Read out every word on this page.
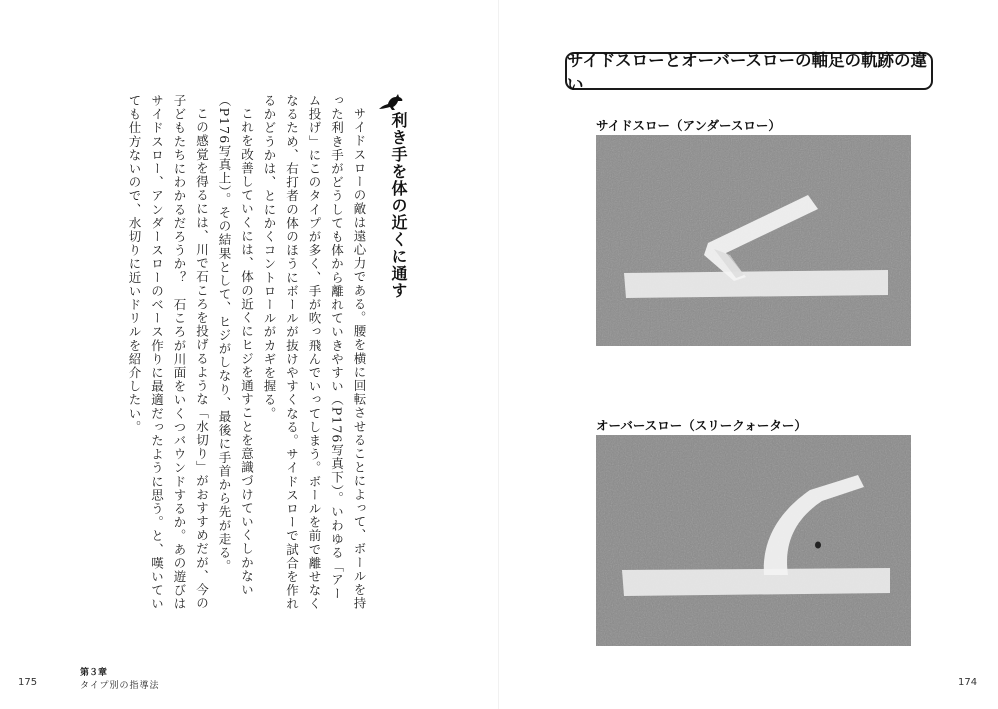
利き手を体の近くに通す

サイドスローの敵は遠心力である。腰を横に回転させることによって、ボールを持った利き手がどうしても体から離れていきやすい（P176写真下）。いわゆる「アーム投げ」にこのタイプが多く、手が吹っ飛んでいってしまう。ボールを前で離せなくなるため、右打者の体のほうにボールが抜けやすくなる。サイドスローで試合を作れるかどうかは、とにかくコントロールがカギを握る。

これを改善していくには、体の近くにヒジを通すことを意識づけていくしかない（P176写真上）。その結果として、ヒジがしなり、最後に手首から先が走る。

この感覚を得るには、川で石ころを投げるような「水切り」がおすすめだが、今の子どもたちにわかるだろうか？　石ころが川面をいくつバウンドするか。あの遊びはサイドスロー、アンダースローのベース作りに最適だったように思う。と、嘆いていても仕方ないので、水切りに近いドリルを紹介したい。

175
第３章
タイプ別の指導法
サイドスローとオーバースローの軸足の軌跡の違い
サイドスロー（アンダースロー）
オーバースロー（スリークォーター）
174
